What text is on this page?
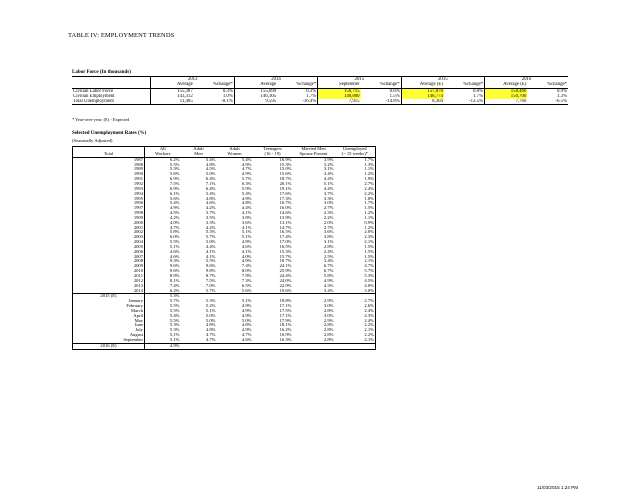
TABLE IV: EMPLOYMENT TRENDS
Labor Force (In thousands)
	2013		2014		2015		2015		2016	
	Average	%change*	Average	%change*	September	%change*	Average (E)	%change*	Average (E)	%change*
Civilian Labor Force	155,387	0.3%	155,899	0.3%	156,715	0.6%	157,078	0.8%	158,466	0.9%
Civilian Employment	143,312	1.0%	146,305	1.7%	148,800	1.5%	148,774	1.7%	150,700	1.3%
Total Unemployment	11,485	-8.1%	9,595	-16.4%	7,915	-14.8%	8,304	-13.5%	7,766	-6.5%
* Year-over-year; (E) - Expected
Selected Unemployment Rates (%)
(Seasonally Adjusted)
	All	Adult	Adult	Teenagers	Married Men	Unemployed
Total	Workers	Men	Women	(16 - 19)	Spouse Present	(> 15 weeks)*
1987	6.2%	5.4%	5.4%	16.9%	3.9%	1.7%
1988	5.5%	4.8%	4.9%	15.3%	3.2%	1.3%
1989	5.3%	4.5%	4.7%	15.0%	3.1%	1.1%
1990	5.6%	5.0%	4.9%	15.6%	3.4%	1.2%
1991	6.9%	6.4%	5.7%	18.7%	4.4%	1.9%
1992	7.5%	7.1%	6.3%	20.1%	5.1%	2.7%
1993	6.9%	6.4%	5.9%	19.1%	4.4%	2.4%
1994	6.1%	5.4%	5.4%	17.6%	3.7%	2.2%
1995	5.6%	4.8%	4.9%	17.3%	3.3%	1.8%
1996	5.4%	4.6%	4.8%	16.7%	3.0%	1.7%
1997	4.9%	4.2%	4.4%	16.0%	2.7%	1.5%
1998	4.5%	3.7%	4.1%	14.6%	2.3%	1.2%
1999	4.2%	3.5%	3.8%	13.9%	2.2%	1.1%
2000	4.0%	3.3%	3.6%	13.1%	2.0%	0.9%
2001	4.7%	4.2%	4.1%	14.7%	2.7%	1.2%
2002	5.8%	5.3%	5.1%	16.5%	3.6%	2.0%
2003	6.0%	5.7%	5.1%	17.4%	3.8%	2.3%
2004	5.5%	5.0%	4.8%	17.0%	3.1%	2.1%
2005	5.1%	4.4%	4.6%	16.5%	2.8%	1.5%
2006	4.6%	4.1%	4.1%	15.3%	2.4%	1.5%
2007	4.6%	4.1%	4.0%	15.7%	2.5%	1.5%
2008	9.3%	5.5%	4.9%	18.7%	3.4%	2.1%
2009	9.6%	9.6%	7.4%	24.1%	6.7%	4.7%
2010	9.6%	9.8%	8.0%	25.9%	6.7%	5.7%
2011	8.9%	8.7%	7.9%	24.4%	5.8%	5.3%
2012	8.1%	7.5%	7.3%	24.0%	4.9%	4.5%
2013	7.4%	7.0%	6.5%	22.9%	4.3%	4.0%
2014	6.2%	5.7%	5.6%	19.6%	3.4%	3.0%
2015 (E)	5.3%					
January	5.7%	5.3%	5.1%	18.8%	2.9%	2.7%
February	5.5%	5.2%	4.9%	17.1%	3.0%	2.6%
March	5.5%	5.1%	4.9%	17.5%	2.8%	2.4%
April	5.4%	5.0%	4.9%	17.1%	3.0%	2.3%
May	5.5%	5.0%	5.0%	17.9%	2.9%	2.4%
June	5.3%	4.8%	4.8%	18.1%	2.8%	2.2%
July	5.3%	4.8%	4.9%	16.2%	2.8%	2.1%
August	5.1%	4.7%	4.7%	16.9%	2.8%	2.2%
September	5.1%	4.7%	4.6%	16.3%	2.8%	2.1%
2016 (E)	4.9%					
11/03/2015 1:24 PM
